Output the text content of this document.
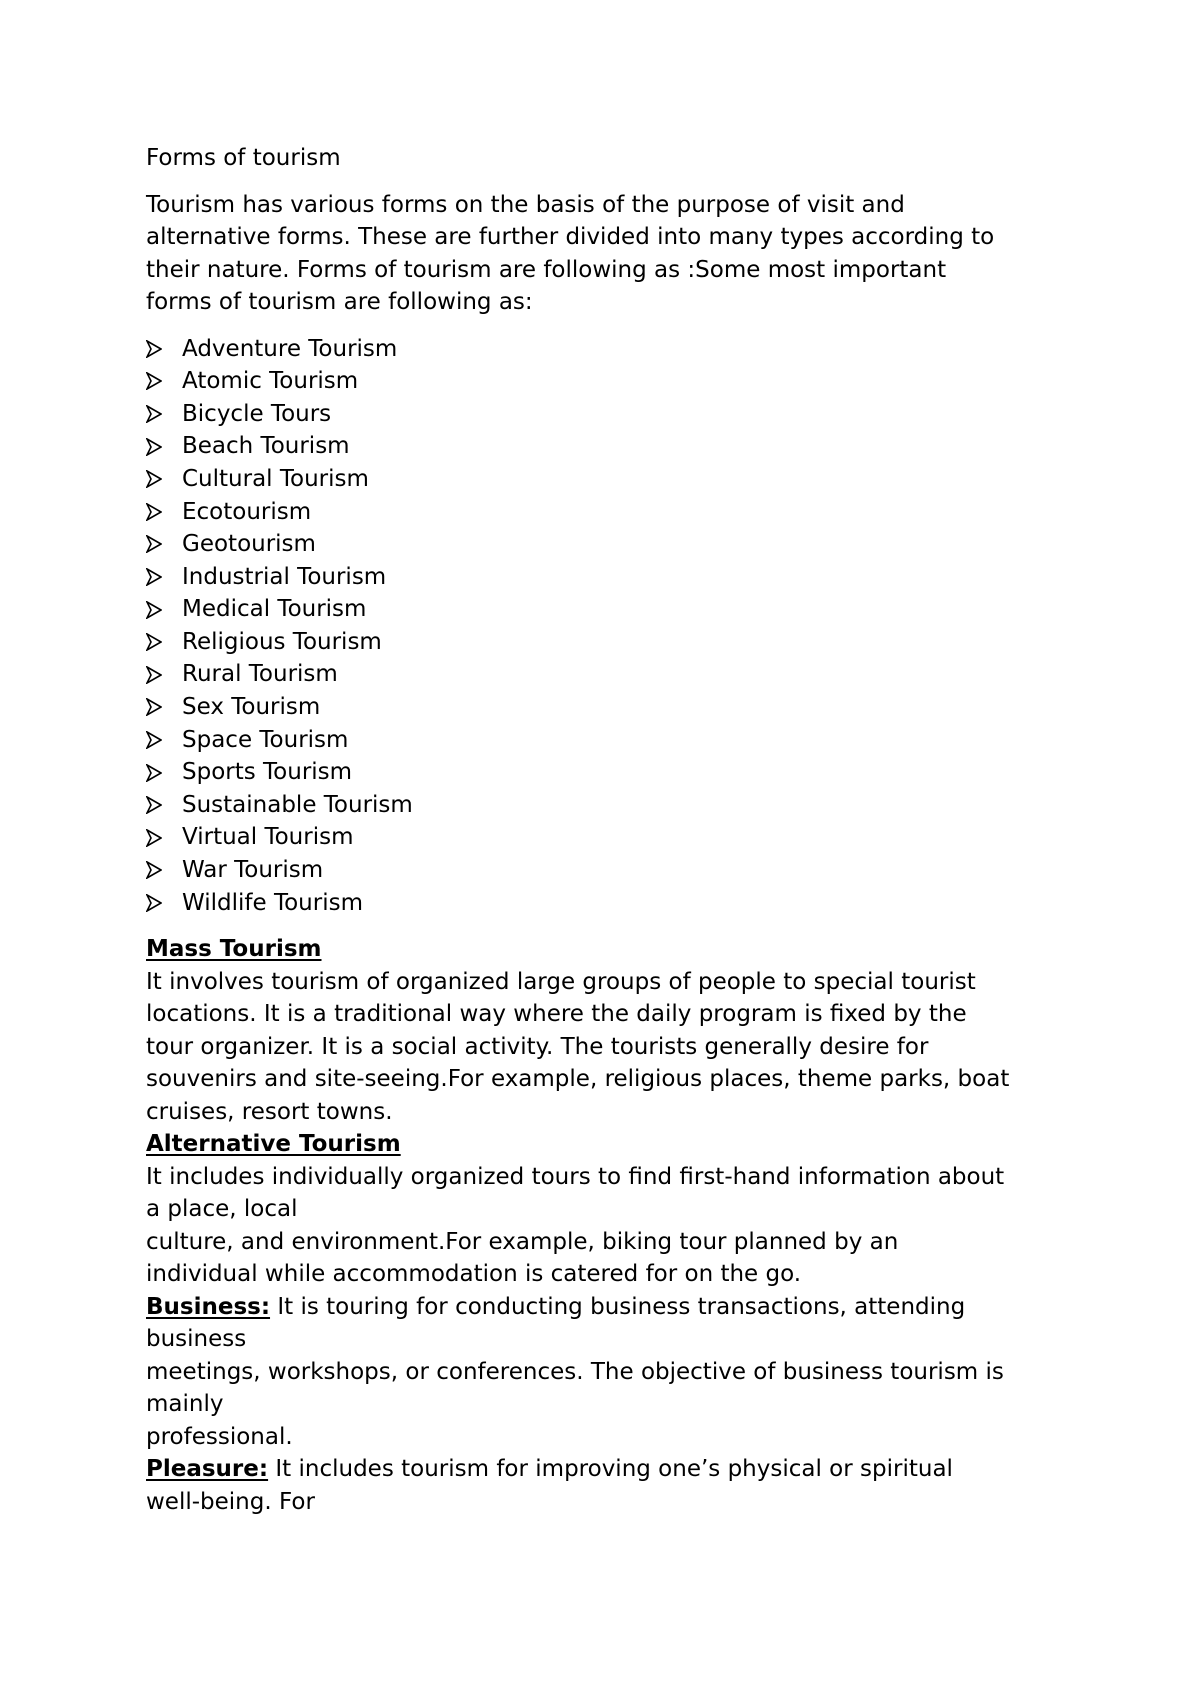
Forms of tourism
Tourism has various forms on the basis of the purpose of visit and
alternative forms. These are further divided into many types according to
their nature. Forms of tourism are following as :Some most important
forms of tourism are following as:
Adventure Tourism
Atomic Tourism
Bicycle Tours
Beach Tourism
Cultural Tourism
Ecotourism
Geotourism
Industrial Tourism
Medical Tourism
Religious Tourism
Rural Tourism
Sex Tourism
Space Tourism
Sports Tourism
Sustainable Tourism
Virtual Tourism
War Tourism
Wildlife Tourism
Mass Tourism
It involves tourism of organized large groups of people to special tourist
locations. It is a traditional way where the daily program is fixed by the
tour organizer. It is a social activity. The tourists generally desire for
souvenirs and site-seeing.For example, religious places, theme parks, boat
cruises, resort towns.
Alternative Tourism
It includes individually organized tours to find first-hand information about
a place, local
culture, and environment.For example, biking tour planned by an
individual while accommodation is catered for on the go.
Business: It is touring for conducting business transactions, attending
business
meetings, workshops, or conferences. The objective of business tourism is
mainly
professional.
Pleasure: It includes tourism for improving one’s physical or spiritual
well-being. For
